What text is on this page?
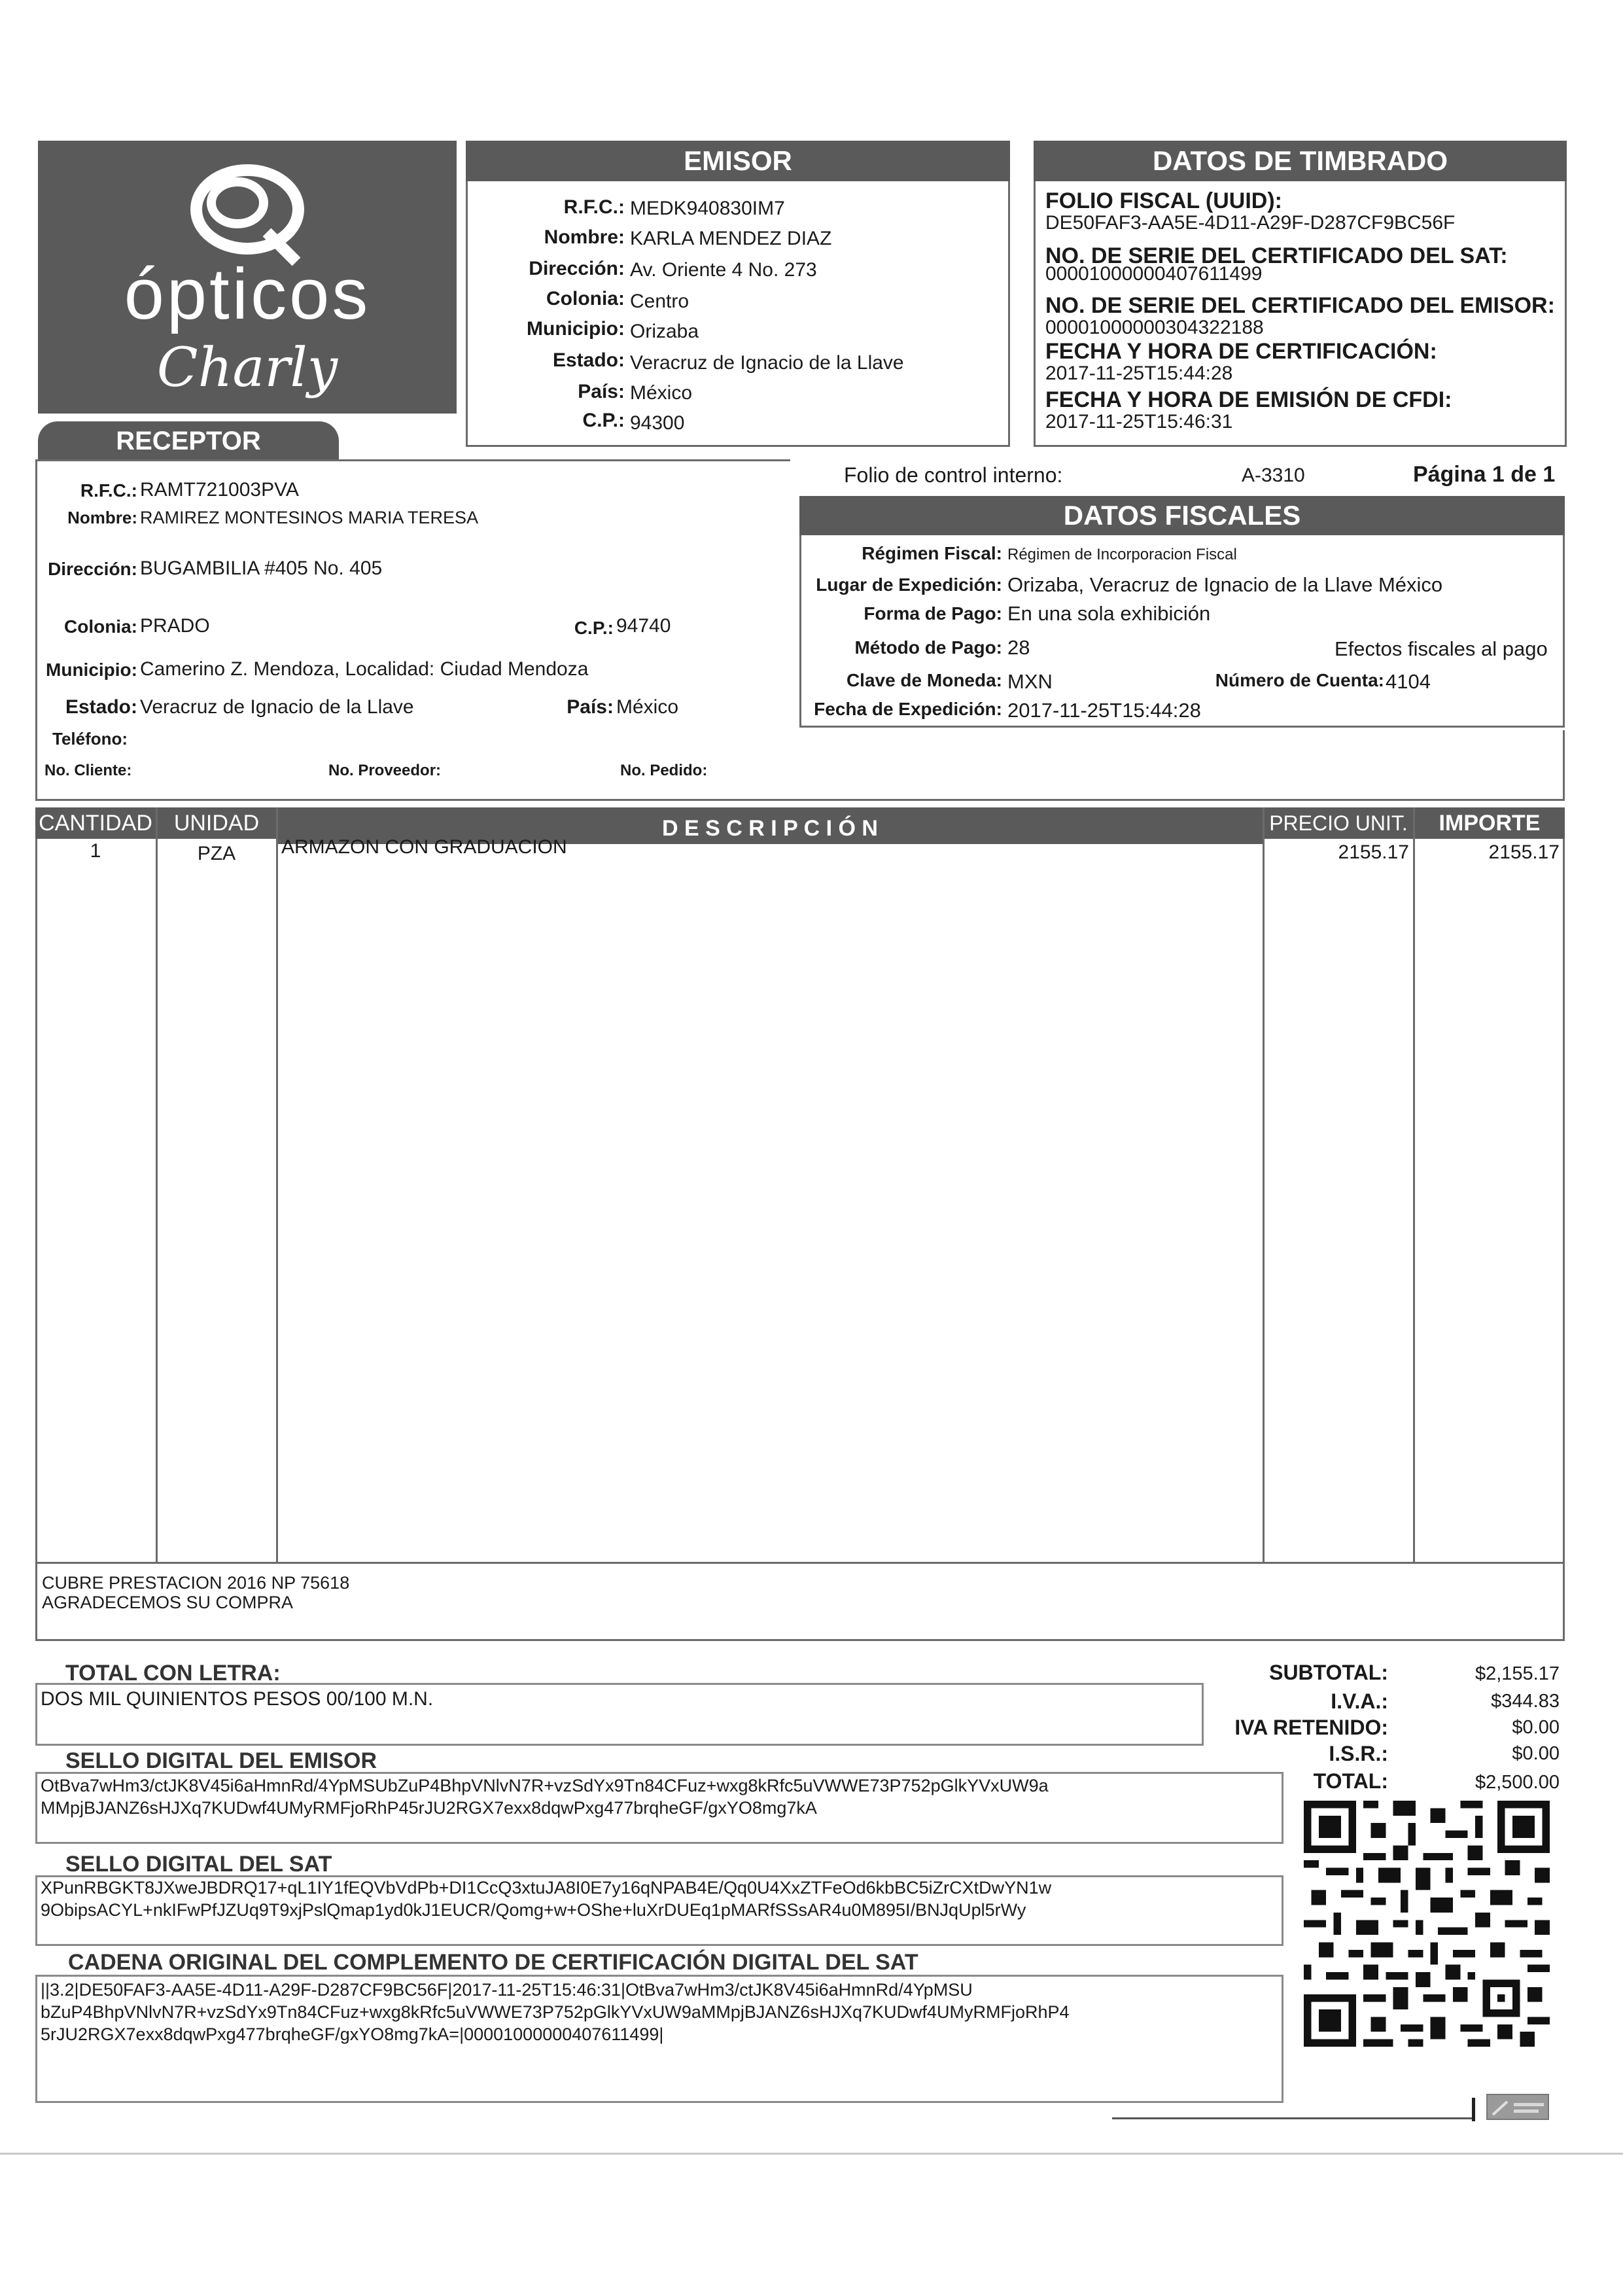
ópticos
Charly
EMISOR
R.F.C.: MEDK940830IM7
Nombre: KARLA MENDEZ DIAZ
Dirección: Av. Oriente 4 No. 273
Colonia: Centro
Municipio: Orizaba
Estado: Veracruz de Ignacio de la Llave
País: México
C.P.: 94300
DATOS DE TIMBRADO
FOLIO FISCAL (UUID):
DE50FAF3-AA5E-4D11-A29F-D287CF9BC56F
NO. DE SERIE DEL CERTIFICADO DEL SAT:
00001000000407611499
NO. DE SERIE DEL CERTIFICADO DEL EMISOR:
00001000000304322188
FECHA Y HORA DE CERTIFICACIÓN:
2017-11-25T15:44:28
FECHA Y HORA DE EMISIÓN DE CFDI:
2017-11-25T15:46:31
RECEPTOR
R.F.C.: RAMT721003PVA
Nombre: RAMIREZ MONTESINOS MARIA TERESA
Dirección: BUGAMBILIA #405 No. 405
Colonia: PRADO	C.P.: 94740
Municipio: Camerino Z. Mendoza, Localidad: Ciudad Mendoza
Estado: Veracruz de Ignacio de la Llave	País: México
Teléfono:
No. Cliente:	No. Proveedor:	No. Pedido:
Folio de control interno:	A-3310	Página 1 de 1
DATOS FISCALES
Régimen Fiscal: Régimen de Incorporacion Fiscal
Lugar de Expedición: Orizaba, Veracruz de Ignacio de la Llave México
Forma de Pago: En una sola exhibición
Método de Pago: 28	Efectos fiscales al pago
Clave de Moneda: MXN	Número de Cuenta: 4104
Fecha de Expedición: 2017-11-25T15:44:28
CANTIDAD UNIDAD	D E S C R I P C I Ó N	PRECIO UNIT.	IMPORTE
1	PZA	ARMAZON CON GRADUACION	2155.17	2155.17
CUBRE PRESTACION 2016 NP 75618
AGRADECEMOS SU COMPRA
TOTAL CON LETRA:
DOS MIL QUINIENTOS PESOS 00/100 M.N.
SUBTOTAL:	$2,155.17
I.V.A.:	$344.83
IVA RETENIDO:	$0.00
I.S.R.:	$0.00
TOTAL:	$2,500.00
SELLO DIGITAL DEL EMISOR
OtBva7wHm3/ctJK8V45i6aHmnRd/4YpMSUbZuP4BhpVNlvN7R+vzSdYx9Tn84CFuz+wxg8kRfc5uVWWE73P752pGlkYVxUW9a
MMpjBJANZ6sHJXq7KUDwf4UMyRMFjoRhP45rJU2RGX7exx8dqwPxg477brqheGF/gxYO8mg7kA
SELLO DIGITAL DEL SAT
XPunRBGKT8JXweJBDRQ17+qL1IY1fEQVbVdPb+DI1CcQ3xtuJA8I0E7y16qNPAB4E/Qq0U4XxZTFeOd6kbBC5iZrCXtDwYN1w
9ObipsACYL+nkIFwPfJZUq9T9xjPslQmap1yd0kJ1EUCR/Qomg+w+OShe+luXrDUEq1pMARfSSsAR4u0M895I/BNJqUpl5rWy
CADENA ORIGINAL DEL COMPLEMENTO DE CERTIFICACIÓN DIGITAL DEL SAT
||3.2|DE50FAF3-AA5E-4D11-A29F-D287CF9BC56F|2017-11-25T15:46:31|OtBva7wHm3/ctJK8V45i6aHmnRd/4YpMSU
bZuP4BhpVNlvN7R+vzSdYx9Tn84CFuz+wxg8kRfc5uVWWE73P752pGlkYVxUW9aMMpjBJANZ6sHJXq7KUDwf4UMyRMFjoRhP4
5rJU2RGX7exx8dqwPxg477brqheGF/gxYO8mg7kA=|00001000000407611499|
